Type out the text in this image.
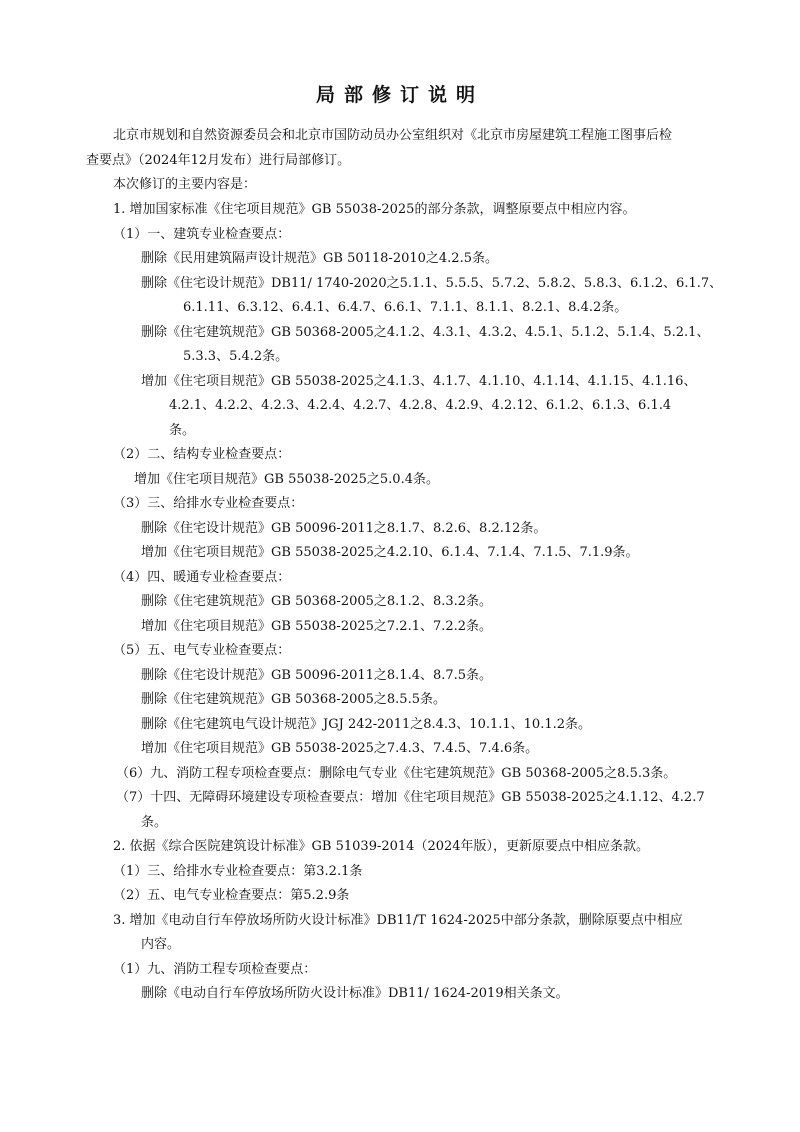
局部修订说明
北京市规划和自然资源委员会和北京市国防动员办公室组织对《北京市房屋建筑工程施工图事后检
查要点》（2024年12月发布）进行局部修订。
本次修订的主要内容是：
1. 增加国家标准《住宅项目规范》GB 55038-2025的部分条款，调整原要点中相应内容。
（1）一、建筑专业检查要点：
删除《民用建筑隔声设计规范》GB 50118-2010之4.2.5条。
删除《住宅设计规范》DB11/ 1740-2020之5.1.1、5.5.5、5.7.2、5.8.2、5.8.3、6.1.2、6.1.7、
6.1.11、6.3.12、6.4.1、6.4.7、6.6.1、7.1.1、8.1.1、8.2.1、8.4.2条。
删除《住宅建筑规范》GB 50368-2005之4.1.2、4.3.1、4.3.2、4.5.1、5.1.2、5.1.4、5.2.1、
5.3.3、5.4.2条。
增加《住宅项目规范》GB 55038-2025之4.1.3、4.1.7、4.1.10、4.1.14、4.1.15、4.1.16、
4.2.1、4.2.2、4.2.3、4.2.4、4.2.7、4.2.8、4.2.9、4.2.12、6.1.2、6.1.3、6.1.4
条。
（2）二、结构专业检查要点：
增加《住宅项目规范》GB 55038-2025之5.0.4条。
（3）三、给排水专业检查要点：
删除《住宅设计规范》GB 50096-2011之8.1.7、8.2.6、8.2.12条。
增加《住宅项目规范》GB 55038-2025之4.2.10、6.1.4、7.1.4、7.1.5、7.1.9条。
（4）四、暖通专业检查要点：
删除《住宅建筑规范》GB 50368-2005之8.1.2、8.3.2条。
增加《住宅项目规范》GB 55038-2025之7.2.1、7.2.2条。
（5）五、电气专业检查要点：
删除《住宅设计规范》GB 50096-2011之8.1.4、8.7.5条。
删除《住宅建筑规范》GB 50368-2005之8.5.5条。
删除《住宅建筑电气设计规范》JGJ 242-2011之8.4.3、10.1.1、10.1.2条。
增加《住宅项目规范》GB 55038-2025之7.4.3、7.4.5、7.4.6条。
（6）九、消防工程专项检查要点：删除电气专业《住宅建筑规范》GB 50368-2005之8.5.3条。
（7）十四、无障碍环境建设专项检查要点：增加《住宅项目规范》GB 55038-2025之4.1.12、4.2.7
条。
2. 依据《综合医院建筑设计标准》GB 51039-2014（2024年版），更新原要点中相应条款。
（1）三、给排水专业检查要点：第3.2.1条
（2）五、电气专业检查要点：第5.2.9条
3. 增加《电动自行车停放场所防火设计标准》DB11/T 1624-2025中部分条款，删除原要点中相应
内容。
（1）九、消防工程专项检查要点：
删除《电动自行车停放场所防火设计标准》DB11/ 1624-2019相关条文。
